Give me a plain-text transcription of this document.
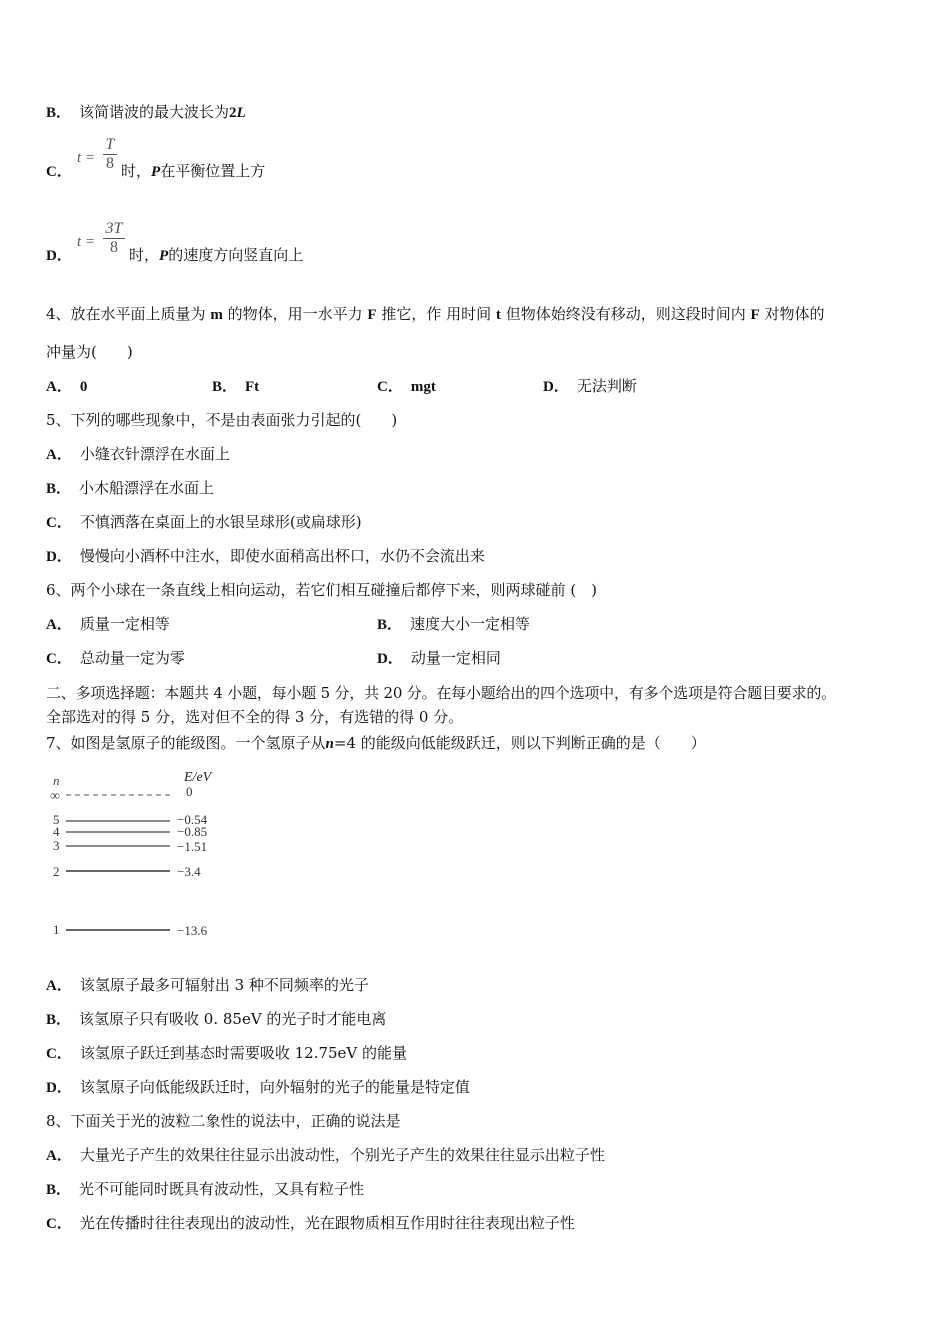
B． 该简谐波的最大波长为2L
C．
t =
T
8 时，P在平衡位置上方
D．
t =
3T
8 时，P的速度方向竖直向上
4、放在水平面上质量为 m 的物体，用一水平力 F 推它，作 用时间 t 但物体始终没有移动，则这段时间内 F 对物体的
冲量为(　　)
A． 0	B． Ft	C． mgt	D． 无法判断
5、下列的哪些现象中，不是由表面张力引起的(　　)
A． 小缝衣针漂浮在水面上
B． 小木船漂浮在水面上
C． 不慎洒落在桌面上的水银呈球形(或扁球形)
D． 慢慢向小酒杯中注水，即使水面稍高出杯口，水仍不会流出来
6、两个小球在一条直线上相向运动，若它们相互碰撞后都停下来，则两球碰前 (　)
A． 质量一定相等	B． 速度大小一定相等
C． 总动量一定为零	D． 动量一定相同
二、多项选择题：本题共 4 小题，每小题 5 分，共 20 分。在每小题给出的四个选项中，有多个选项是符合题目要求的。
全部选对的得 5 分，选对但不全的得 3 分，有选错的得 0 分。
7、如图是氢原子的能级图。一个氢原子从n=4 的能级向低能级跃迁，则以下判断正确的是（　　）
n	E/eV
∞	0
5	−0.54
4	−0.85
3	−1.51
2	−3.4
1	−13.6
A． 该氢原子最多可辐射出 3 种不同频率的光子
B． 该氢原子只有吸收 0. 85eV 的光子时才能电离
C． 该氢原子跃迁到基态时需要吸收 12.75eV 的能量
D． 该氢原子向低能级跃迁时，向外辐射的光子的能量是特定值
8、下面关于光的波粒二象性的说法中，正确的说法是
A． 大量光子产生的效果往往显示出波动性，个别光子产生的效果往往显示出粒子性
B． 光不可能同时既具有波动性，又具有粒子性
C． 光在传播时往往表现出的波动性，光在跟物质相互作用时往往表现出粒子性
